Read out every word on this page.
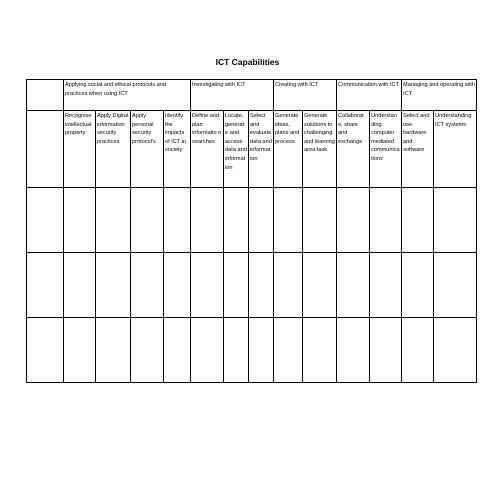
ICT Capabilities
	Applying social and ethical protocols and practices when using ICT				Investigating with ICT			Creating with ICT		Communication with ICT		Managing and operating with ICT	
	Recognise intellectual property	Apply Digital information security practices	Apply personal security protocol's	Identify the impacts of ICT in society	Define and plan informatio n searches	Locate, generate and access data and informat ion	Select and evaluate data and informat ion	Generate ideas, plans and process	Generate solutions to challenging and learning area task.	Collaborat e, share and exchange	Understan ding computer mediated communica tions	Select and use hardware and software	Understanding ICT systems
